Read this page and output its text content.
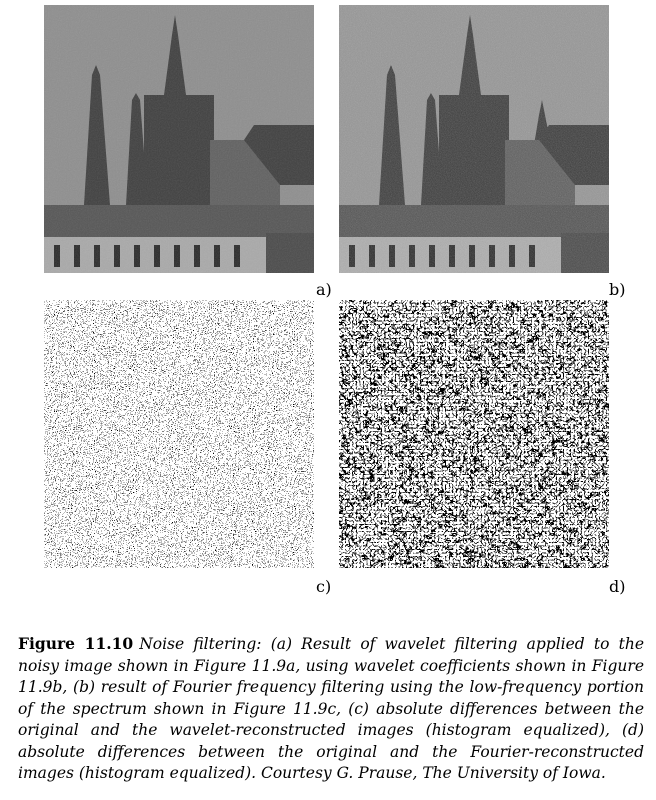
a)	b)
c)	d)

Figure 11.10 Noise filtering: (a) Result of wavelet filtering applied to the noisy image shown in Figure 11.9a, using wavelet coefficients shown in Figure 11.9b, (b) result of Fourier frequency filtering using the low-frequency portion of the spectrum shown in Figure 11.9c, (c) absolute differences between the original and the wavelet-reconstructed images (histogram equalized), (d) absolute differences between the original and the Fourier-reconstructed images (histogram equalized). Courtesy G. Prause, The University of Iowa.
